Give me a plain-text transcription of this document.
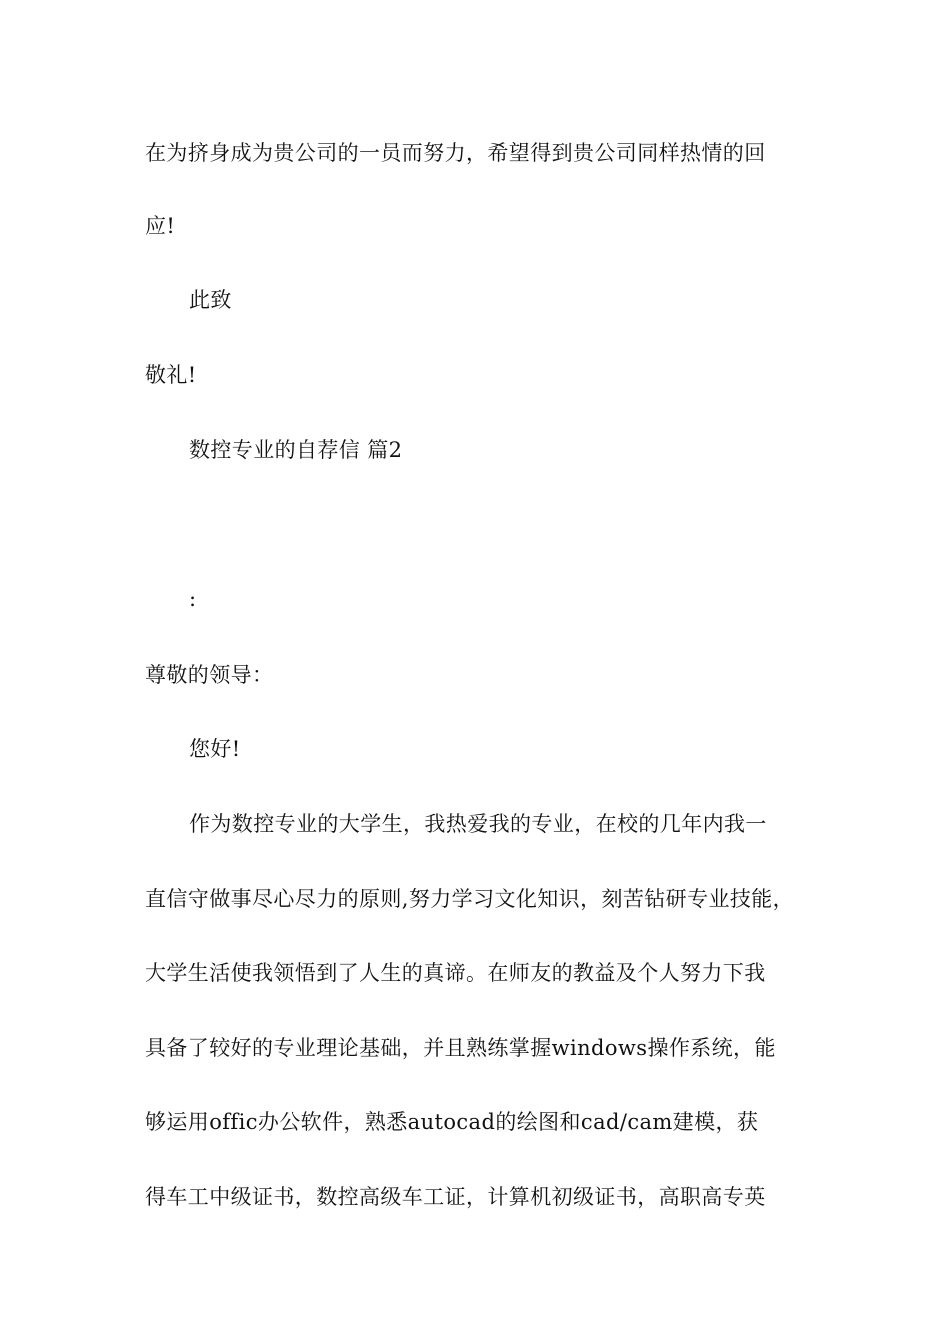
在为挤身成为贵公司的一员而努力，希望得到贵公司同样热情的回
应!
此致
敬礼!
数控专业的自荐信 篇2
:
尊敬的领导：
您好!
作为数控专业的大学生，我热爱我的专业，在校的几年内我一
直信守做事尽心尽力的原则,努力学习文化知识，刻苦钻研专业技能，
大学生活使我领悟到了人生的真谛。在师友的教益及个人努力下我
具备了较好的专业理论基础，并且熟练掌握windows操作系统，能
够运用offic办公软件，熟悉autocad的绘图和cad/cam建模，获
得车工中级证书，数控高级车工证，计算机初级证书，高职高专英
